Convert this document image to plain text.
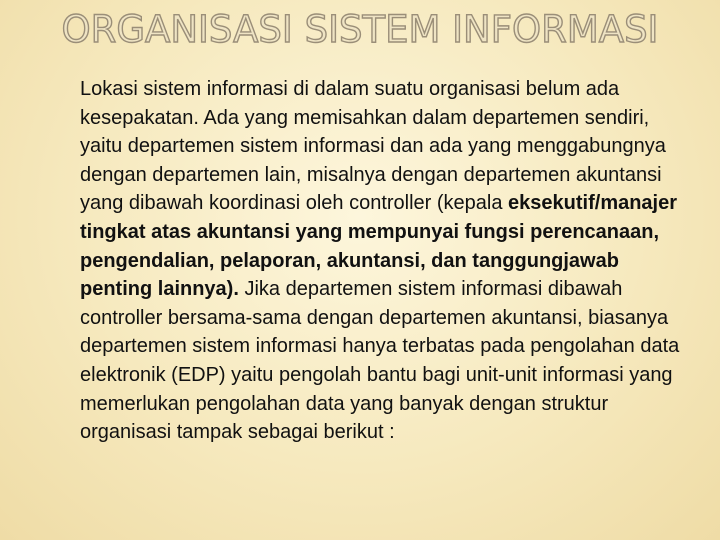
ORGANISASI SISTEM INFORMASI

Lokasi sistem informasi di dalam suatu organisasi belum ada kesepakatan. Ada yang memisahkan dalam departemen sendiri, yaitu departemen sistem informasi dan ada yang menggabungnya dengan departemen lain, misalnya dengan departemen akuntansi yang dibawah koordinasi oleh controller (kepala eksekutif/manajer tingkat atas akuntansi yang mempunyai fungsi perencanaan, pengendalian, pelaporan, akuntansi, dan tanggungjawab penting lainnya). Jika departemen sistem informasi dibawah controller bersama-sama dengan departemen akuntansi, biasanya departemen sistem informasi hanya terbatas pada pengolahan data elektronik (EDP) yaitu pengolah bantu bagi unit-unit informasi yang memerlukan pengolahan data yang banyak dengan struktur organisasi tampak sebagai berikut :
